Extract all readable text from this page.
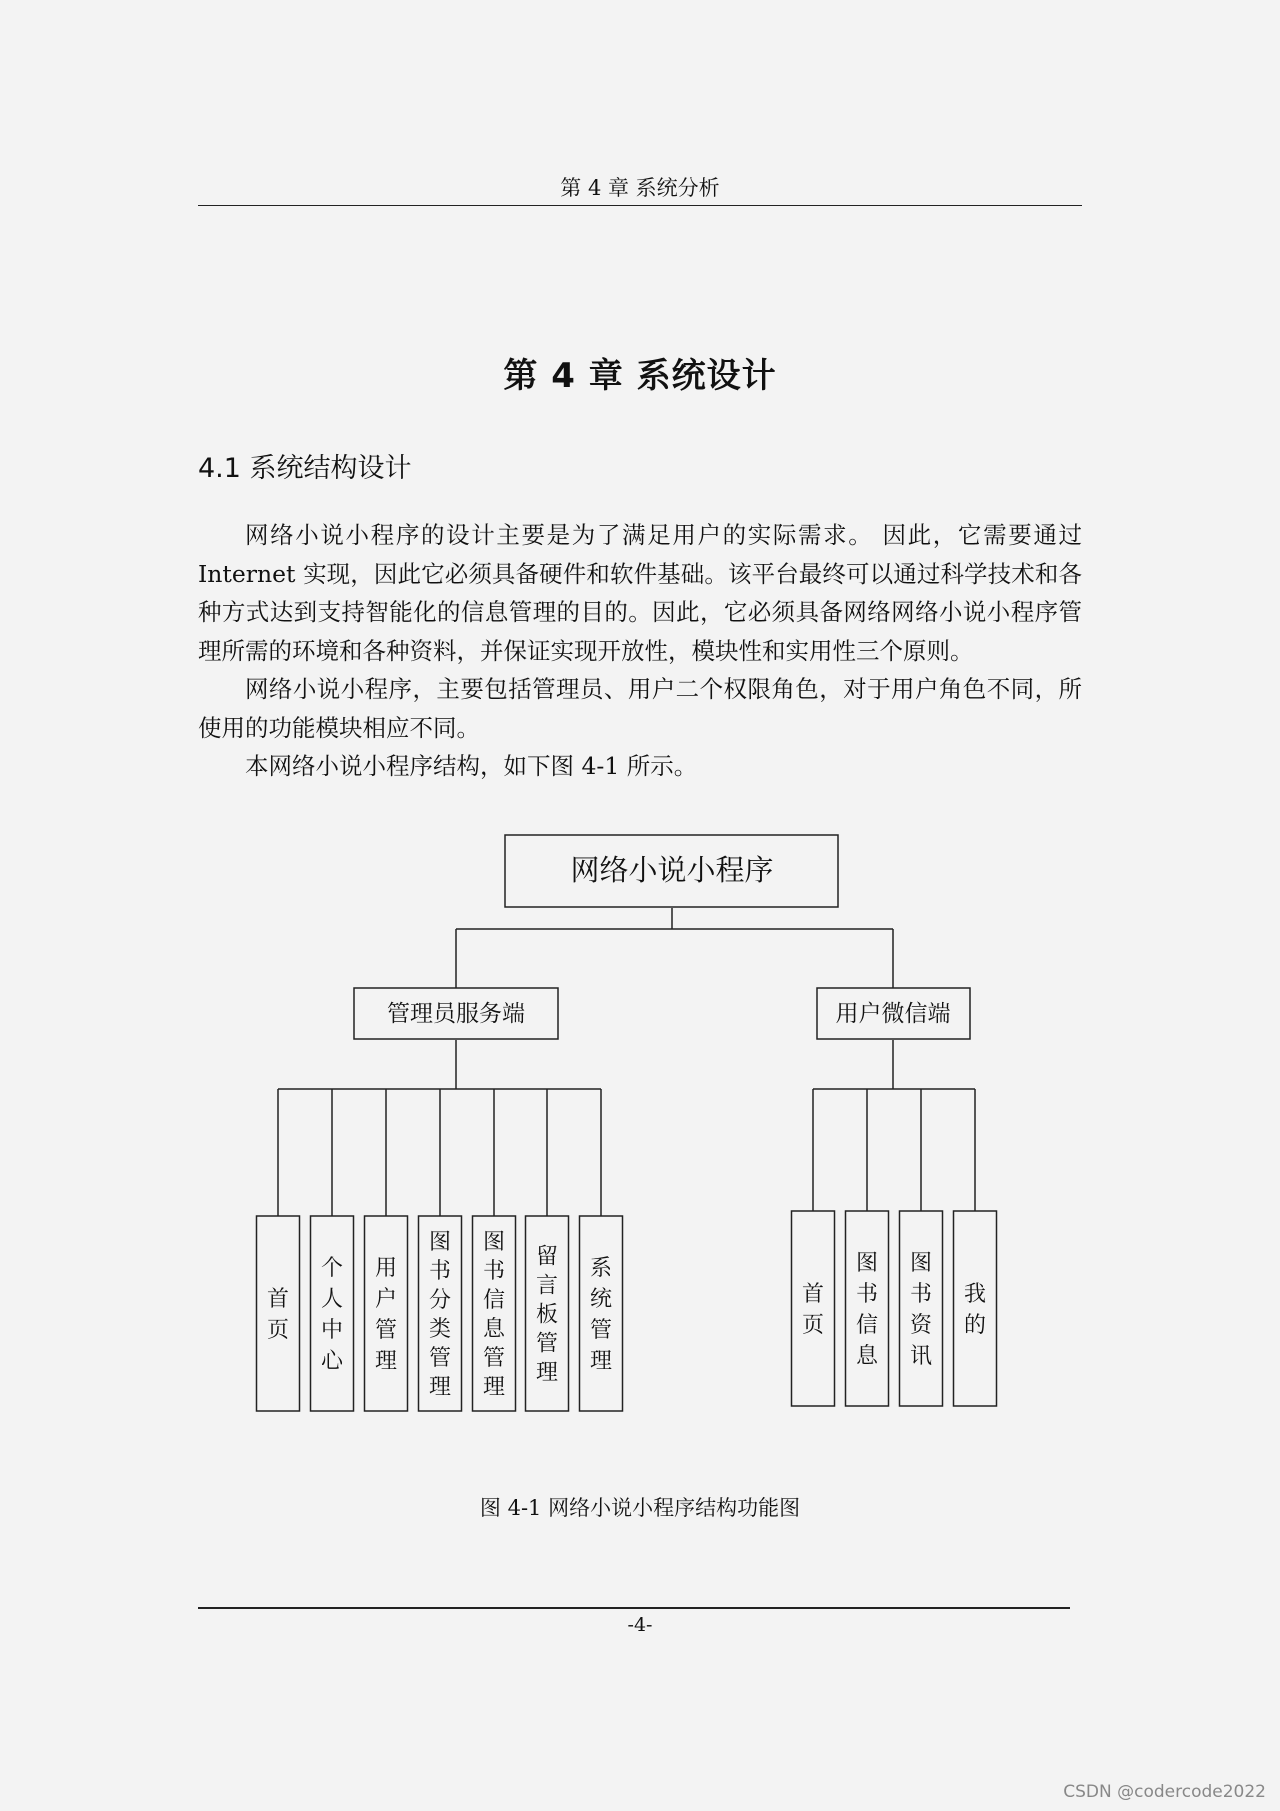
第 4 章 系统分析
第 4 章 系统设计
4.1 系统结构设计

网络小说小程序的设计主要是为了满足用户的实际需求。 因此，它需要通过 Internet 实现，因此它必须具备硬件和软件基础。该平台最终可以通过科学技术和各种方式达到支持智能化的信息管理的目的。因此，它必须具备网络网络小说小程序管理所需的环境和各种资料，并保证实现开放性，模块性和实用性三个原则。

网络小说小程序，主要包括管理员、用户二个权限角色，对于用户角色不同，所使用的功能模块相应不同。

本网络小说小程序结构，如下图 4-1 所示。

网络小说小程序
管理员服务端
首页
个人中心
用户管理
图书分类管理
图书信息管理
留言板管理
系统管理
用户微信端
首页
图书信息
图书资讯
我的
图 4-1 网络小说小程序结构功能图
-4-
CSDN @codercode2022
